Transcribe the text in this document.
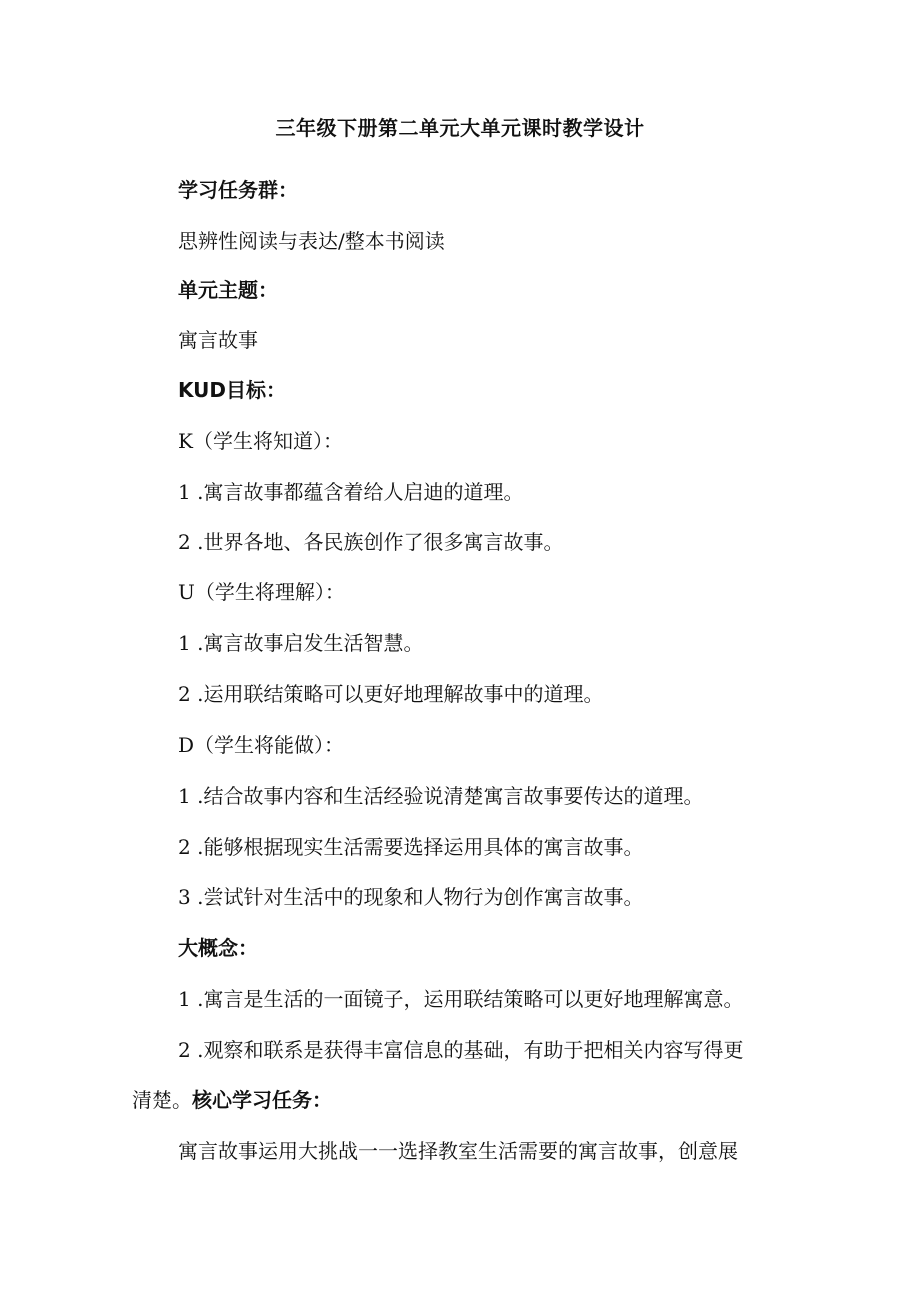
三年级下册第二单元大单元课时教学设计
学习任务群：
思辨性阅读与表达/整本书阅读
单元主题：
寓言故事
KUD目标：
K（学生将知道）：
1 .寓言故事都蕴含着给人启迪的道理。
2 .世界各地、各民族创作了很多寓言故事。
U（学生将理解）：
1 .寓言故事启发生活智慧。
2 .运用联结策略可以更好地理解故事中的道理。
D（学生将能做）：
1 .结合故事内容和生活经验说清楚寓言故事要传达的道理。
2 .能够根据现实生活需要选择运用具体的寓言故事。
3 .尝试针对生活中的现象和人物行为创作寓言故事。
大概念：
1 .寓言是生活的一面镜子，运用联结策略可以更好地理解寓意。
2 .观察和联系是获得丰富信息的基础，有助于把相关内容写得更
清楚。核心学习任务：
寓言故事运用大挑战一一选择教室生活需要的寓言故事，创意展
